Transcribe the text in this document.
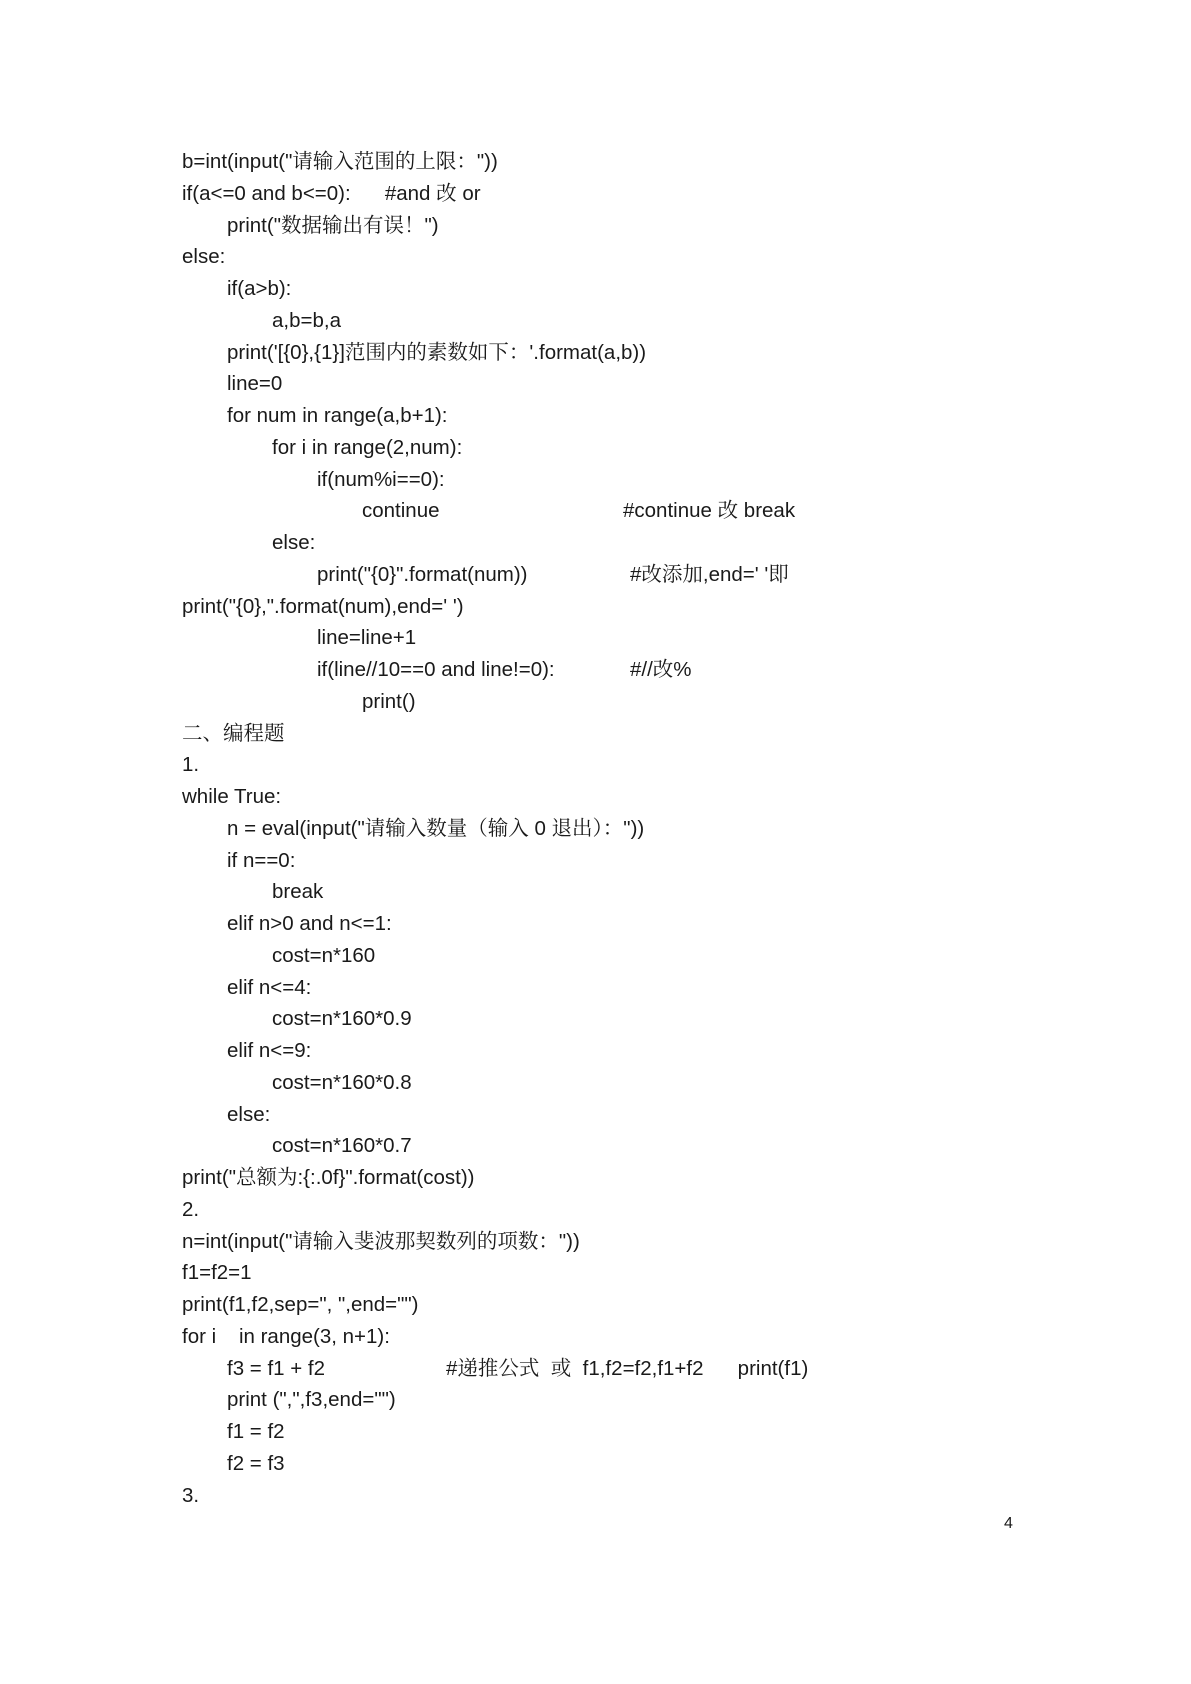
b=int(input("请输入范围的上限："))
if(a<=0 and b<=0):      #and 改 or
print("数据输出有误！")
else:
if(a>b):
a,b=b,a
print('[{0},{1}]范围内的素数如下：'.format(a,b))
line=0
for num in range(a,b+1):
for i in range(2,num):
if(num%i==0):
continue	#continue 改 break
else:
print("{0}".format(num))	#改添加,end=' '即
print("{0},".format(num),end=' ')
line=line+1
if(line//10==0 and line!=0):	#//改%
print()
二、编程题
1.
while True:
n = eval(input("请输入数量（输入 0 退出）："))
if n==0:
break
elif n>0 and n<=1:
cost=n*160
elif n<=4:
cost=n*160*0.9
elif n<=9:
cost=n*160*0.8
else:
cost=n*160*0.7
print("总额为:{:.0f}".format(cost))
2.
n=int(input("请输入斐波那契数列的项数："))
f1=f2=1
print(f1,f2,sep=", ",end="")
for i    in range(3, n+1):
f3 = f1 + f2	#递推公式  或  f1,f2=f2,f1+f2      print(f1)
print (",",f3,end="")
f1 = f2
f2 = f3
3.
4
